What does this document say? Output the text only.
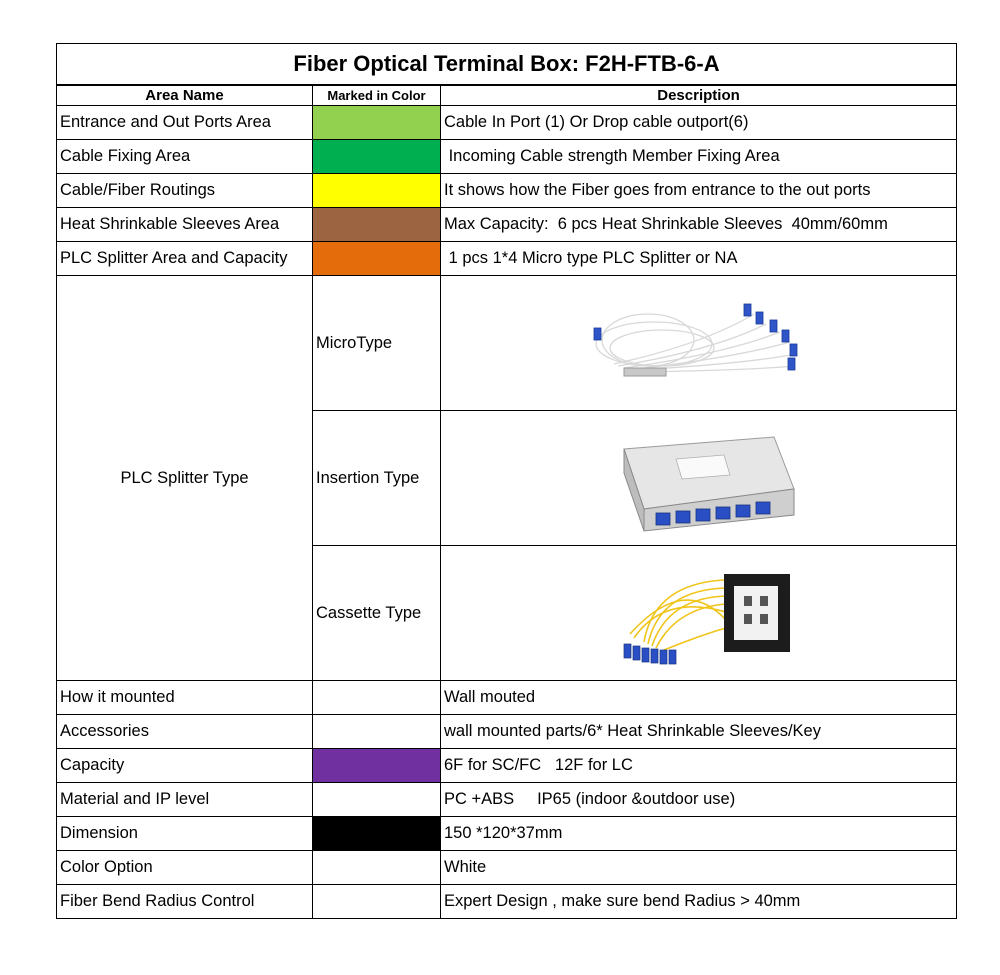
Fiber Optical Terminal Box: F2H-FTB-6-A		
Area Name	Marked in Color	Description
Entrance and Out Ports Area		Cable In Port (1) Or Drop cable outport(6)
Cable Fixing Area		Incoming Cable strength Member Fixing Area
Cable/Fiber Routings		It shows how the Fiber goes from entrance to the out ports
Heat Shrinkable Sleeves Area		Max Capacity:  6 pcs Heat Shrinkable Sleeves  40mm/60mm
PLC Splitter Area and Capacity		1 pcs 1*4 Micro type PLC Splitter or NA
PLC Splitter Type	MicroType	

	Insertion Type	

	Cassette Type	

How it mounted		Wall mouted
Accessories		wall mounted parts/6* Heat Shrinkable Sleeves/Key
Capacity		6F for SC/FC   12F for LC
Material and IP level		PC +ABS     IP65 (indoor &outdoor use)
Dimension		150 *120*37mm
Color Option		White
Fiber Bend Radius Control		Expert Design , make sure bend Radius > 40mm
